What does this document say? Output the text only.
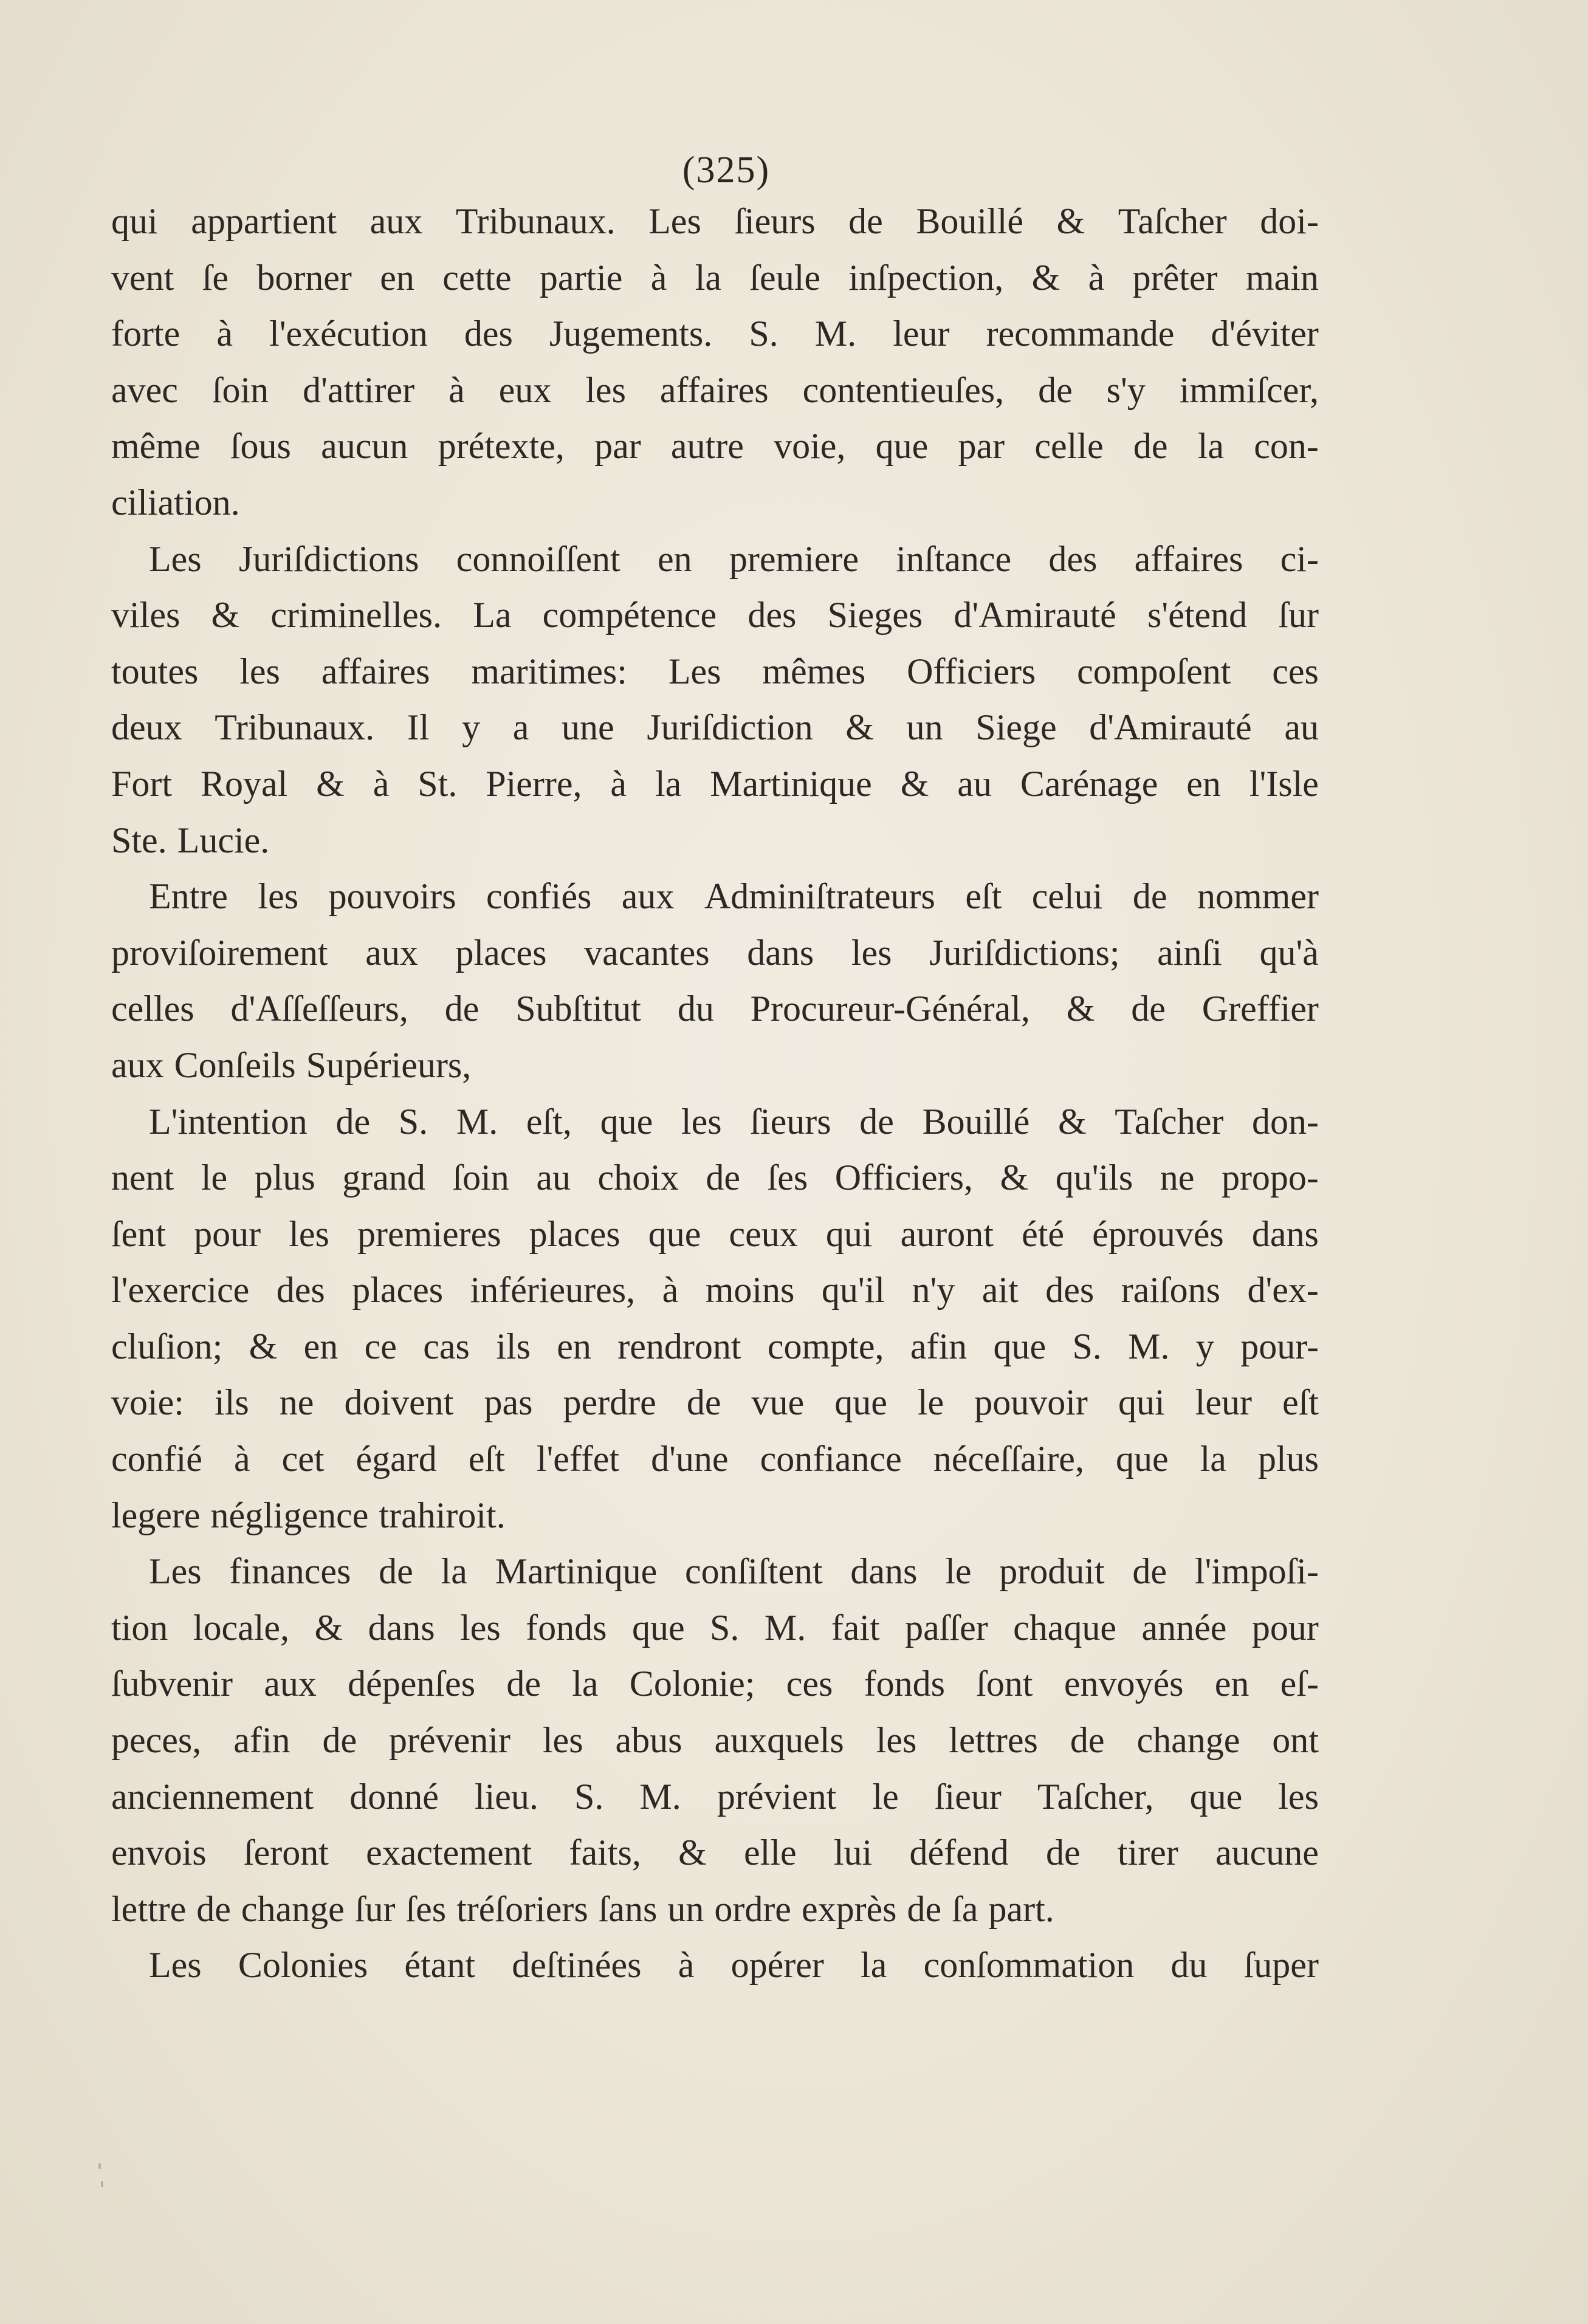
(325)
qui appartient aux Tribunaux. Les ſieurs de Bouillé & Taſcher doi-
vent ſe borner en cette partie à la ſeule inſpection, & à prêter main
forte à l'exécution des Jugements. S. M. leur recommande d'éviter
avec ſoin d'attirer à eux les affaires contentieuſes, de s'y immiſcer,
même ſous aucun prétexte, par autre voie, que par celle de la con-
ciliation.
Les Juriſdictions connoiſſent en premiere inſtance des affaires ci-
viles & criminelles. La compétence des Sieges d'Amirauté s'étend ſur
toutes les affaires maritimes: Les mêmes Officiers compoſent ces
deux Tribunaux. Il y a une Juriſdiction & un Siege d'Amirauté au
Fort Royal & à St. Pierre, à la Martinique & au Carénage en l'Isle
Ste. Lucie.
Entre les pouvoirs confiés aux Adminiſtrateurs eſt celui de nommer
proviſoirement aux places vacantes dans les Juriſdictions; ainſi qu'à
celles d'Aſſeſſeurs, de Subſtitut du Procureur-Général, & de Greffier
aux Conſeils Supérieurs,
L'intention de S. M. eſt, que les ſieurs de Bouillé & Taſcher don-
nent le plus grand ſoin au choix de ſes Officiers, & qu'ils ne propo-
ſent pour les premieres places que ceux qui auront été éprouvés dans
l'exercice des places inférieures, à moins qu'il n'y ait des raiſons d'ex-
cluſion; & en ce cas ils en rendront compte, afin que S. M. y pour-
voie: ils ne doivent pas perdre de vue que le pouvoir qui leur eſt
confié à cet égard eſt l'effet d'une confiance néceſſaire, que la plus
legere négligence trahiroit.
Les finances de la Martinique conſiſtent dans le produit de l'impoſi-
tion locale, & dans les fonds que S. M. fait paſſer chaque année pour
ſubvenir aux dépenſes de la Colonie; ces fonds ſont envoyés en eſ-
peces, afin de prévenir les abus auxquels les lettres de change ont
anciennement donné lieu. S. M. prévient le ſieur Taſcher, que les
envois ſeront exactement faits, & elle lui défend de tirer aucune
lettre de change ſur ſes tréſoriers ſans un ordre exprès de ſa part.
Les Colonies étant deſtinées à opérer la conſommation du ſuper
